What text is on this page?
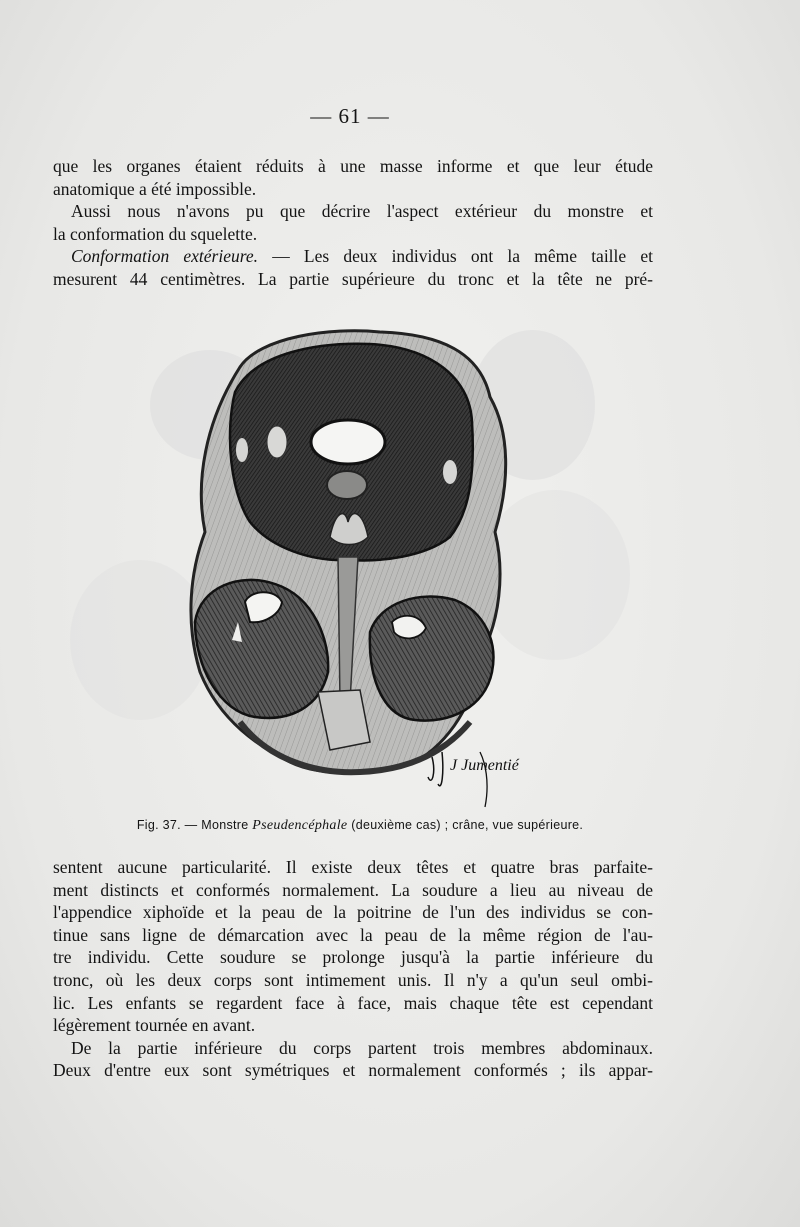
— 61 —
que les organes étaient réduits à une masse informe et que leur étude
anatomique a été impossible.
Aussi nous n'avons pu que décrire l'aspect extérieur du monstre et
la conformation du squelette.
Conformation extérieure. — Les deux individus ont la même taille et
mesurent 44 centimètres. La partie supérieure du tronc et la tête ne pré-
J Jumentié
Fig. 37. — Monstre Pseudencéphale (deuxième cas) ; crâne, vue supérieure.
sentent aucune particularité. Il existe deux têtes et quatre bras parfaite-
ment distincts et conformés normalement. La soudure a lieu au niveau de
l'appendice xiphoïde et la peau de la poitrine de l'un des individus se con-
tinue sans ligne de démarcation avec la peau de la même région de l'au-
tre individu. Cette soudure se prolonge jusqu'à la partie inférieure du
tronc, où les deux corps sont intimement unis. Il n'y a qu'un seul ombi-
lic. Les enfants se regardent face à face, mais chaque tête est cependant
légèrement tournée en avant.
De la partie inférieure du corps partent trois membres abdominaux.
Deux d'entre eux sont symétriques et normalement conformés ; ils appar-
